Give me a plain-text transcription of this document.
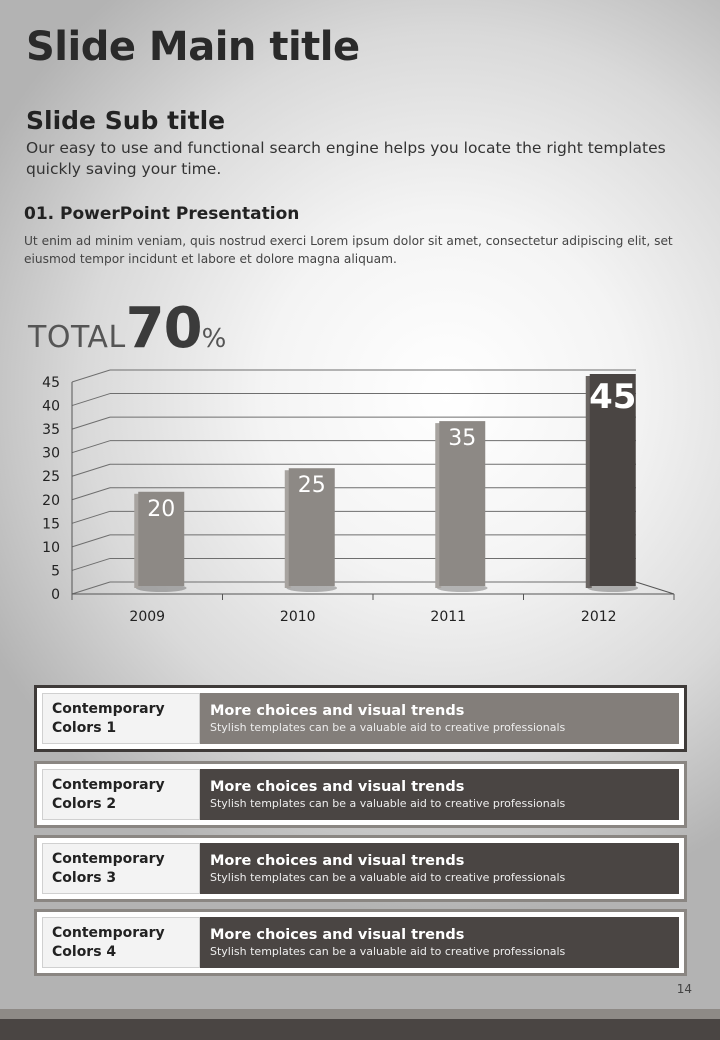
Slide Main title
Slide Sub title

Our easy to use and functional search engine helps you locate the right templates quickly saving your time.

01. PowerPoint Presentation

Ut enim ad minim veniam, quis nostrud exerci Lorem ipsum dolor sit amet, consectetur adipiscing elit, set eiusmod tempor incidunt et labore et dolore magna aliquam.

TOTAL70%
0
5
10
15
20
25
30
35
40
45
20
2009
25
2010
35
2011
45
2012
Contemporary Colors 1
More choices and visual trends
Stylish templates can be a valuable aid to creative professionals
Contemporary Colors 2
More choices and visual trends
Stylish templates can be a valuable aid to creative professionals
Contemporary Colors 3
More choices and visual trends
Stylish templates can be a valuable aid to creative professionals
Contemporary Colors 4
More choices and visual trends
Stylish templates can be a valuable aid to creative professionals
14
